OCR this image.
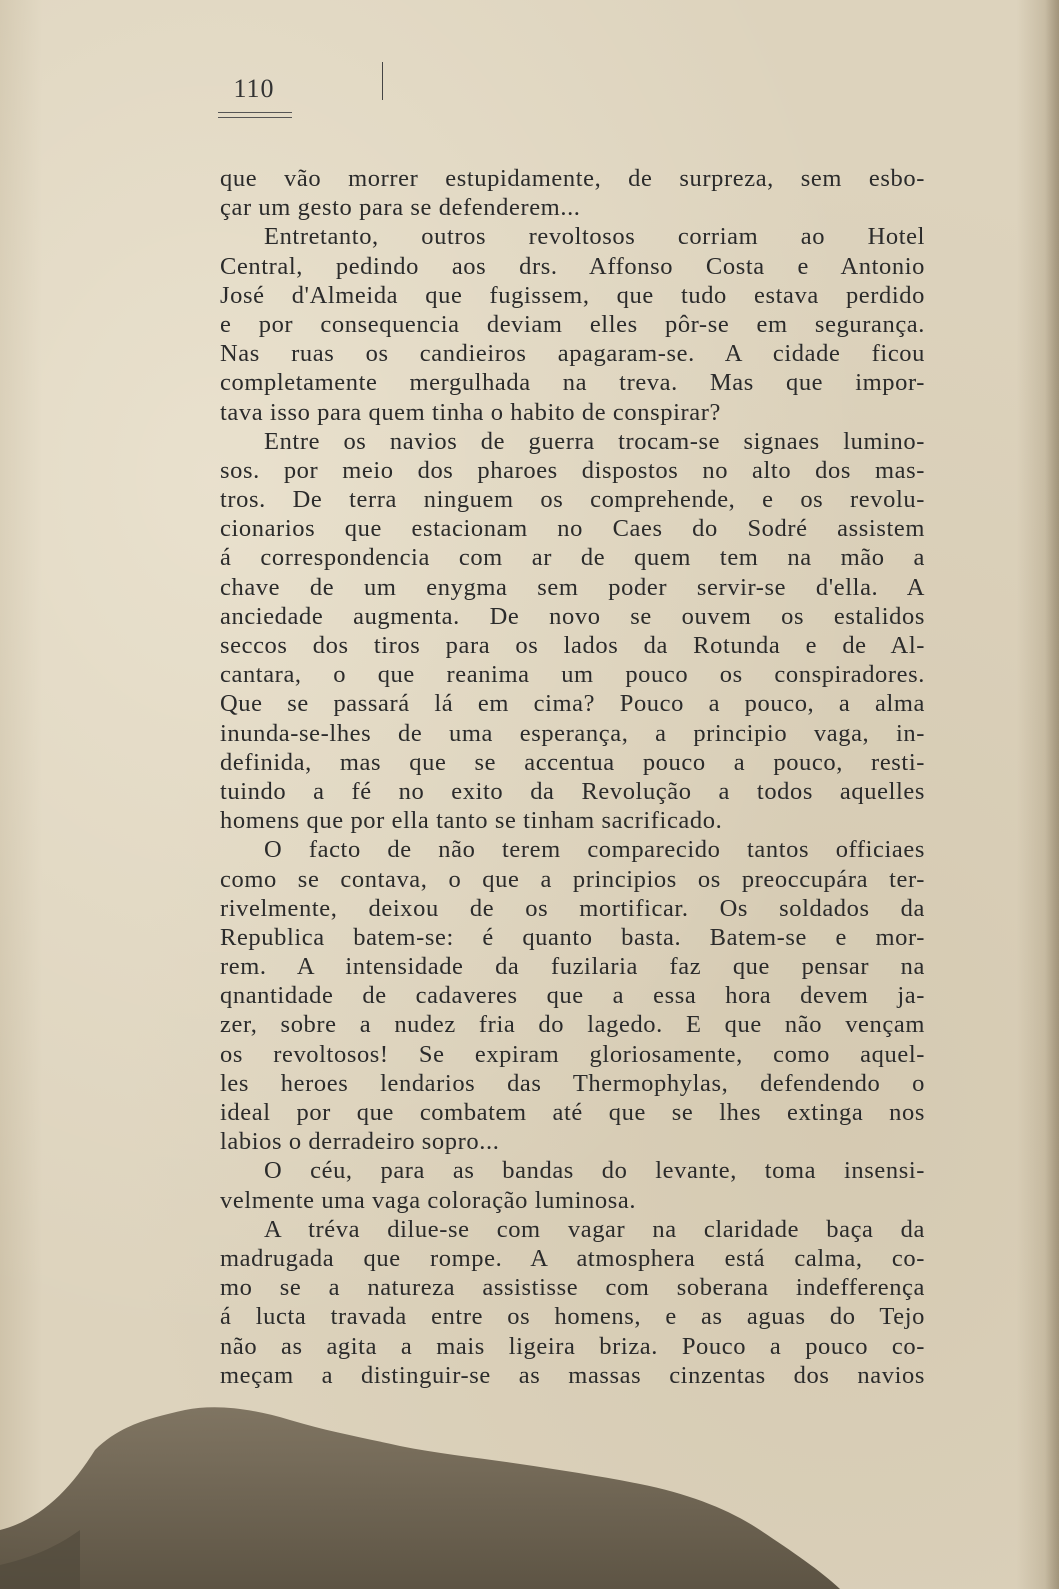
110
que vão morrer estupidamente, de surpreza, sem esbo-
çar um gesto para se defenderem...
Entretanto, outros revoltosos corriam ao Hotel
Central, pedindo aos drs. Affonso Costa e Antonio
José d'Almeida que fugissem, que tudo estava perdido
e por consequencia deviam elles pôr-se em segurança.
Nas ruas os candieiros apagaram-se. A cidade ficou
completamente mergulhada na treva. Mas que impor-
tava isso para quem tinha o habito de conspirar?
Entre os navios de guerra trocam-se signaes lumino-
sos. por meio dos pharoes dispostos no alto dos mas-
tros. De terra ninguem os comprehende, e os revolu-
cionarios que estacionam no Caes do Sodré assistem
á correspondencia com ar de quem tem na mão a
chave de um enygma sem poder servir-se d'ella. A
anciedade augmenta. De novo se ouvem os estalidos
seccos dos tiros para os lados da Rotunda e de Al-
cantara, o que reanima um pouco os conspiradores.
Que se passará lá em cima? Pouco a pouco, a alma
inunda-se-lhes de uma esperança, a principio vaga, in-
definida, mas que se accentua pouco a pouco, resti-
tuindo a fé no exito da Revolução a todos aquelles
homens que por ella tanto se tinham sacrificado.
O facto de não terem comparecido tantos officiaes
como se contava, o que a principios os preoccupára ter-
rivelmente, deixou de os mortificar. Os soldados da
Republica batem-se: é quanto basta. Batem-se e mor-
rem. A intensidade da fuzilaria faz que pensar na
qnantidade de cadaveres que a essa hora devem ja-
zer, sobre a nudez fria do lagedo. E que não vençam
os revoltosos! Se expiram gloriosamente, como aquel-
les heroes lendarios das Thermophylas, defendendo o
ideal por que combatem até que se lhes extinga nos
labios o derradeiro sopro...
O céu, para as bandas do levante, toma insensi-
velmente uma vaga coloração luminosa.
A tréva dilue-se com vagar na claridade baça da
madrugada que rompe. A atmosphera está calma, co-
mo se a natureza assistisse com soberana indefferença
á lucta travada entre os homens, e as aguas do Tejo
não as agita a mais ligeira briza. Pouco a pouco co-
meçam a distinguir-se as massas cinzentas dos navios
